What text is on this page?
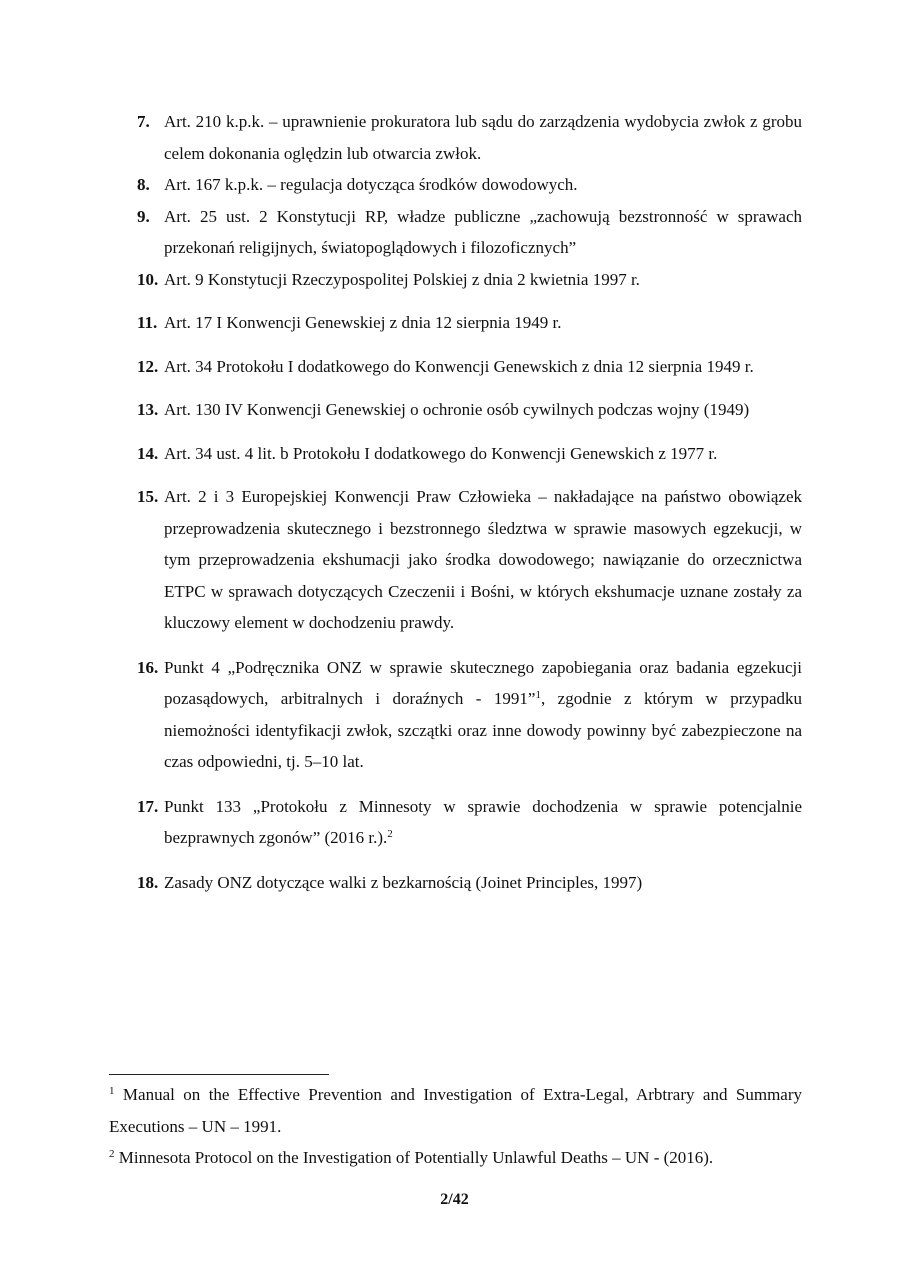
7. Art. 210 k.p.k. – uprawnienie prokuratora lub sądu do zarządzenia wydobycia zwłok z grobu celem dokonania oględzin lub otwarcia zwłok.
8. Art. 167 k.p.k. – regulacja dotycząca środków dowodowych.
9. Art. 25 ust. 2 Konstytucji RP, władze publiczne „zachowują bezstronność w sprawach przekonań religijnych, światopoglądowych i filozoficznych”
10. Art. 9 Konstytucji Rzeczypospolitej Polskiej z dnia 2 kwietnia 1997 r.
11. Art. 17 I Konwencji Genewskiej z dnia 12 sierpnia 1949 r.
12. Art. 34 Protokołu I dodatkowego do Konwencji Genewskich z dnia 12 sierpnia 1949 r.
13. Art. 130 IV Konwencji Genewskiej o ochronie osób cywilnych podczas wojny (1949)
14. Art. 34 ust. 4 lit. b Protokołu I dodatkowego do Konwencji Genewskich z 1977 r.
15. Art. 2 i 3 Europejskiej Konwencji Praw Człowieka – nakładające na państwo obowiązek przeprowadzenia skutecznego i bezstronnego śledztwa w sprawie masowych egzekucji, w tym przeprowadzenia ekshumacji jako środka dowodowego; nawiązanie do orzecznictwa ETPC w sprawach dotyczących Czeczenii i Bośni, w których ekshumacje uznane zostały za kluczowy element w dochodzeniu prawdy.
16. Punkt 4 „Podręcznika ONZ w sprawie skutecznego zapobiegania oraz badania egzekucji pozasądowych, arbitralnych i doraźnych - 1991”$^1$, zgodnie z którym w przypadku niemożności identyfikacji zwłok, szczątki oraz inne dowody powinny być zabezpieczone na czas odpowiedni, tj. 5–10 lat.
17. Punkt 133 „Protokołu z Minnesoty w sprawie dochodzenia w sprawie potencjalnie bezprawnych zgonów” (2016 r.).$^2$
18. Zasady ONZ dotyczące walki z bezkarnością (Joinet Principles, 1997)

$^1$ Manual on the Effective Prevention and Investigation of Extra-Legal, Arbtrary and Summary Executions – UN – 1991.

$^2$ Minnesota Protocol on the Investigation of Potentially Unlawful Deaths – UN - (2016).

2/42
